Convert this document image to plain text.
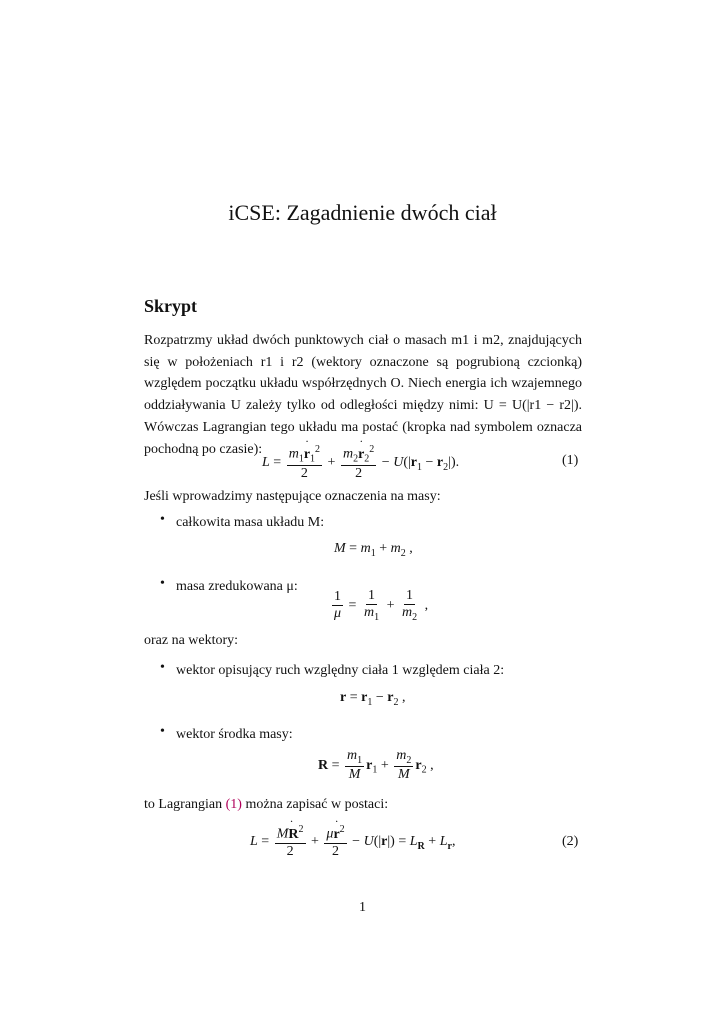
iCSE: Zagadnienie dwóch ciał
Skrypt
Rozpatrzmy układ dwóch punktowych ciał o masach m1 i m2, znajdujących się w położeniach r1 i r2 (wektory oznaczone są pogrubioną czcionką) względem początku układu współrzędnych O. Niech energia ich wzajemnego oddziaływania U zależy tylko od odległości między nimi: U = U(|r1 − r2|). Wówczas Lagrangian tego układu ma postać (kropka nad symbolem oznacza pochodną po czasie):
$L = \frac{m_1˙ r_1^2}{2} + \frac{m_2˙ r_2^2}{2} - U(|r_1 - r_2|)$.	(1)
Jeśli wprowadzimy następujące oznaczenia na masy:
• całkowita masa układu M:
$M = m_1 + m_2$ ,
• masa zredukowana μ:
$\frac{1}{\mu} = \frac{1}{m_1} + \frac{1}{m_2}$ ,
oraz na wektory:
• wektor opisujący ruch względny ciała 1 względem ciała 2:
$r = r_1 - r_2$ ,
• wektor środka masy:
$R = \frac{m_1}{M} r_1 + \frac{m_2}{M} r_2$ ,
to Lagrangian (1) można zapisać w postaci:
$L = \frac{M˙ R^2}{2} + \frac{\mu˙ r^2}{2} - U(|r|) = L_R + L_r$,	(2)
1
